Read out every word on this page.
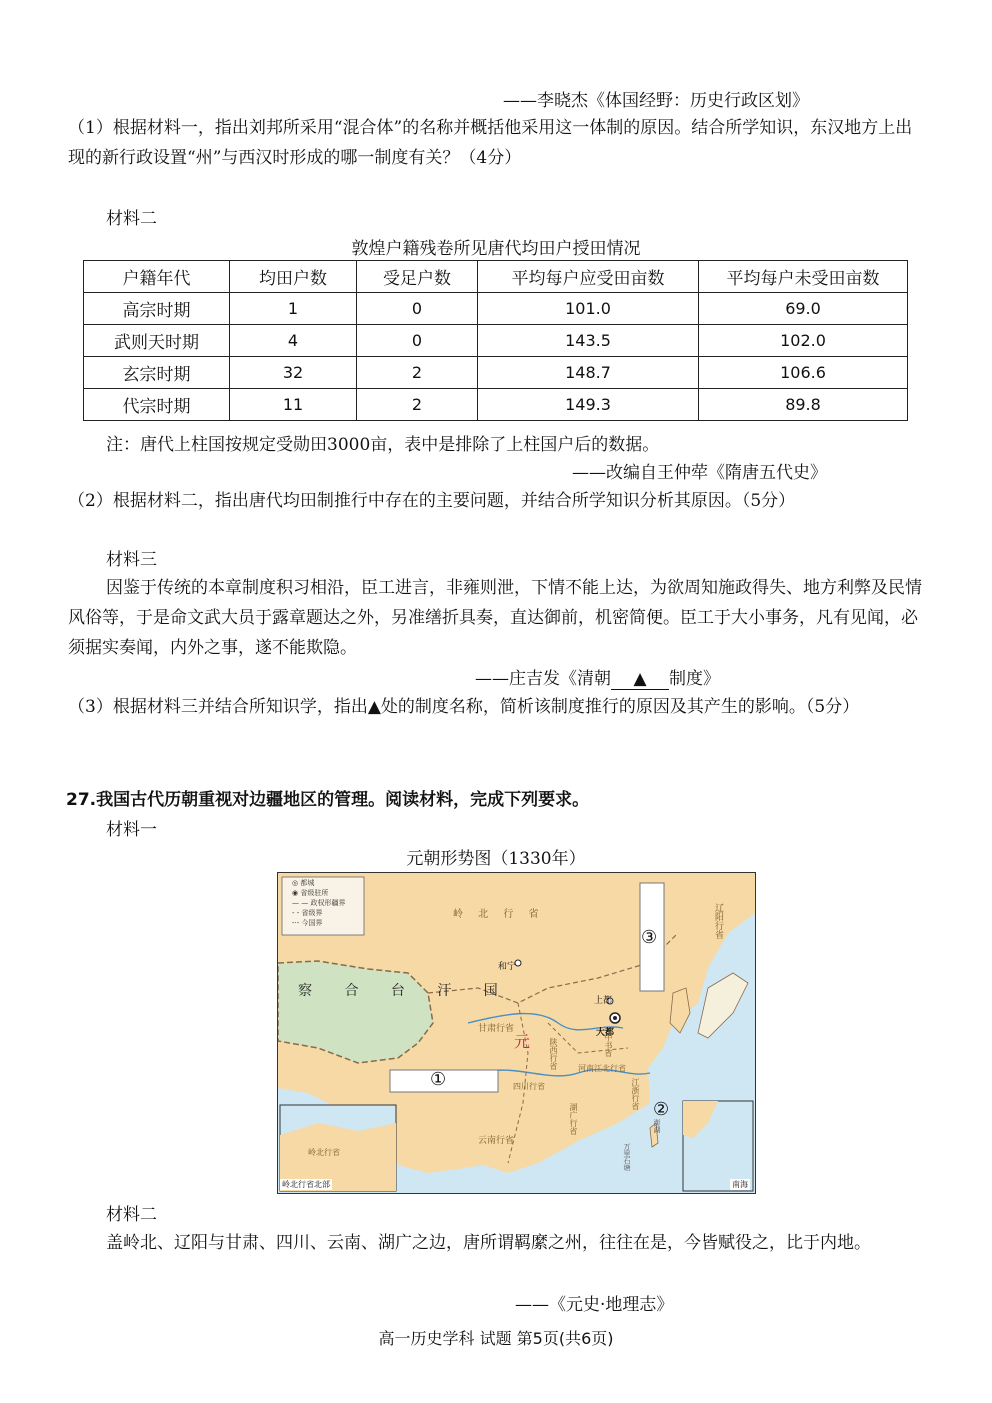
——李晓杰《体国经野：历史行政区划》
（1）根据材料一，指出刘邦所采用“混合体”的名称并概括他采用这一体制的原因。结合所学知识，东汉地方上出现的新行政设置“州”与西汉时形成的哪一制度有关？（4分）
材料二
敦煌户籍残卷所见唐代均田户授田情况
户籍年代	均田户数	受足户数	平均每户应受田亩数	平均每户未受田亩数
高宗时期	1	0	101.0	69.0
武则天时期	4	0	143.5	102.0
玄宗时期	32	2	148.7	106.6
代宗时期	11	2	149.3	89.8
注：唐代上柱国按规定受勋田3000亩，表中是排除了上柱国户后的数据。
——改编自王仲荦《隋唐五代史》
（2）根据材料二，指出唐代均田制推行中存在的主要问题，并结合所学知识分析其原因。（5分）
材料三
因鉴于传统的本章制度积习相沿，臣工进言，非雍则泄，下情不能上达，为欲周知施政得失、地方利弊及民情风俗等，于是命文武大员于露章题达之外，另准缮折具奏，直达御前，机密简便。臣工于大小事务，凡有见闻，必须据实奏闻，内外之事，遂不能欺隐。
——庄吉发《清朝 ▲ 制度》
（3）根据材料三并结合所知识学，指出▲处的制度名称，简析该制度推行的原因及其产生的影响。（5分）
27.我国古代历朝重视对边疆地区的管理。阅读材料，完成下列要求。
材料一
元朝形势图（1330年）
◎ 都城
◉ 省级驻所
— — 政权形疆界
- - 省级界
-·- 今国界
岭 北 行 省
和宁
察 合 台 汗 国
上都
大都
甘肃行省
元 陕西行省	河南江北行省
中书省
四川行省
云南行省
湖广行省
江浙行省
辽阳行省
岭北行省
岭北行省北部	南海
万里石塘
澎湖
①
②
③
材料二
盖岭北、辽阳与甘肃、四川、云南、湖广之边，唐所谓羁縻之州，往往在是，今皆赋役之，比于内地。
——《元史·地理志》
高一历史学科 试题 第5页(共6页)
